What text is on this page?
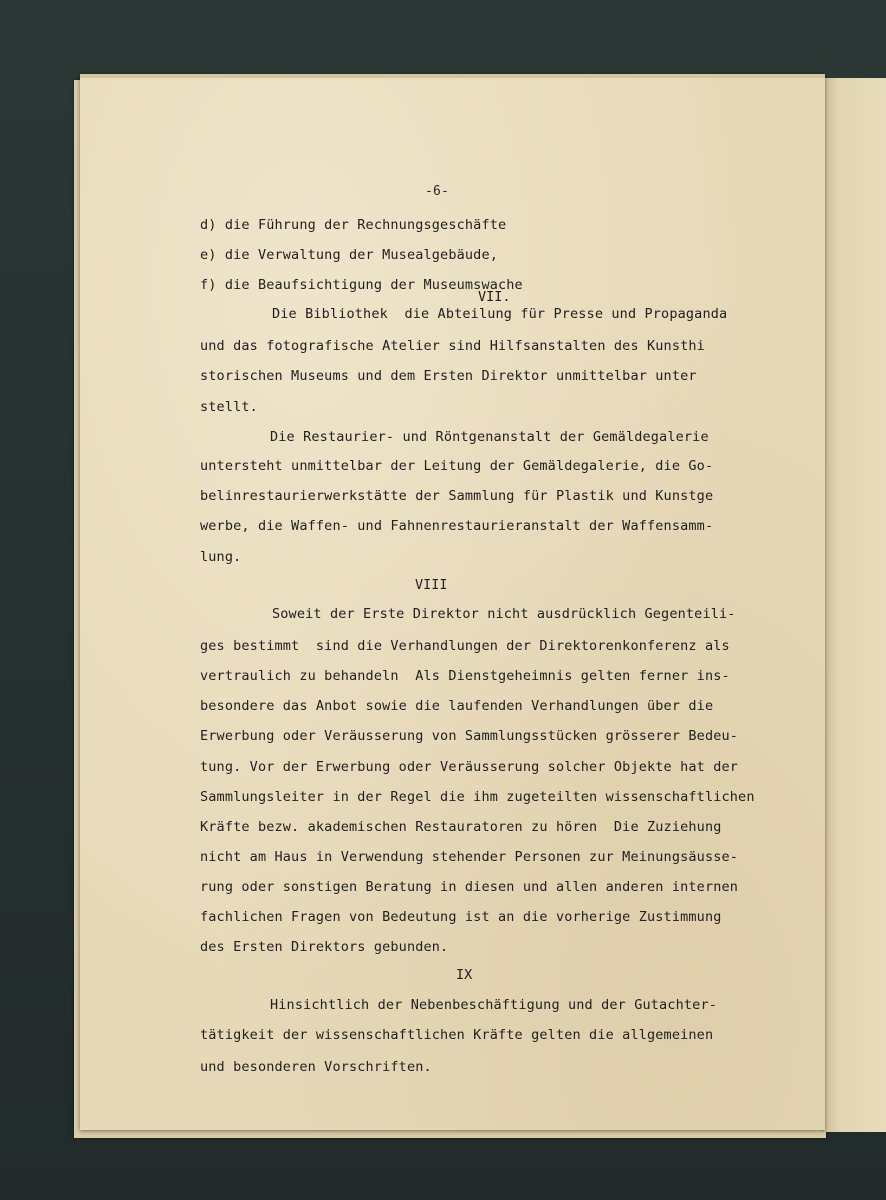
-6-
d) die Führung der Rechnungsgeschäfte
e) die Verwaltung der Musealgebäude,
f) die Beaufsichtigung der Museumswache
VII.
Die Bibliothek  die Abteilung für Presse und Propaganda
und das fotografische Atelier sind Hilfsanstalten des Kunsthi
storischen Museums und dem Ersten Direktor unmittelbar unter
stellt.
Die Restaurier- und Röntgenanstalt der Gemäldegalerie
untersteht unmittelbar der Leitung der Gemäldegalerie, die Go-
belinrestaurierwerkstätte der Sammlung für Plastik und Kunstge
werbe, die Waffen- und Fahnenrestaurieranstalt der Waffensamm-
lung.
VIII
Soweit der Erste Direktor nicht ausdrücklich Gegenteili-
ges bestimmt  sind die Verhandlungen der Direktorenkonferenz als
vertraulich zu behandeln  Als Dienstgeheimnis gelten ferner ins-
besondere das Anbot sowie die laufenden Verhandlungen über die
Erwerbung oder Veräusserung von Sammlungsstücken grösserer Bedeu-
tung. Vor der Erwerbung oder Veräusserung solcher Objekte hat der
Sammlungsleiter in der Regel die ihm zugeteilten wissenschaftlichen
Kräfte bezw. akademischen Restauratoren zu hören  Die Zuziehung
nicht am Haus in Verwendung stehender Personen zur Meinungsäusse-
rung oder sonstigen Beratung in diesen und allen anderen internen
fachlichen Fragen von Bedeutung ist an die vorherige Zustimmung
des Ersten Direktors gebunden.
IX
Hinsichtlich der Nebenbeschäftigung und der Gutachter-
tätigkeit der wissenschaftlichen Kräfte gelten die allgemeinen
und besonderen Vorschriften.
